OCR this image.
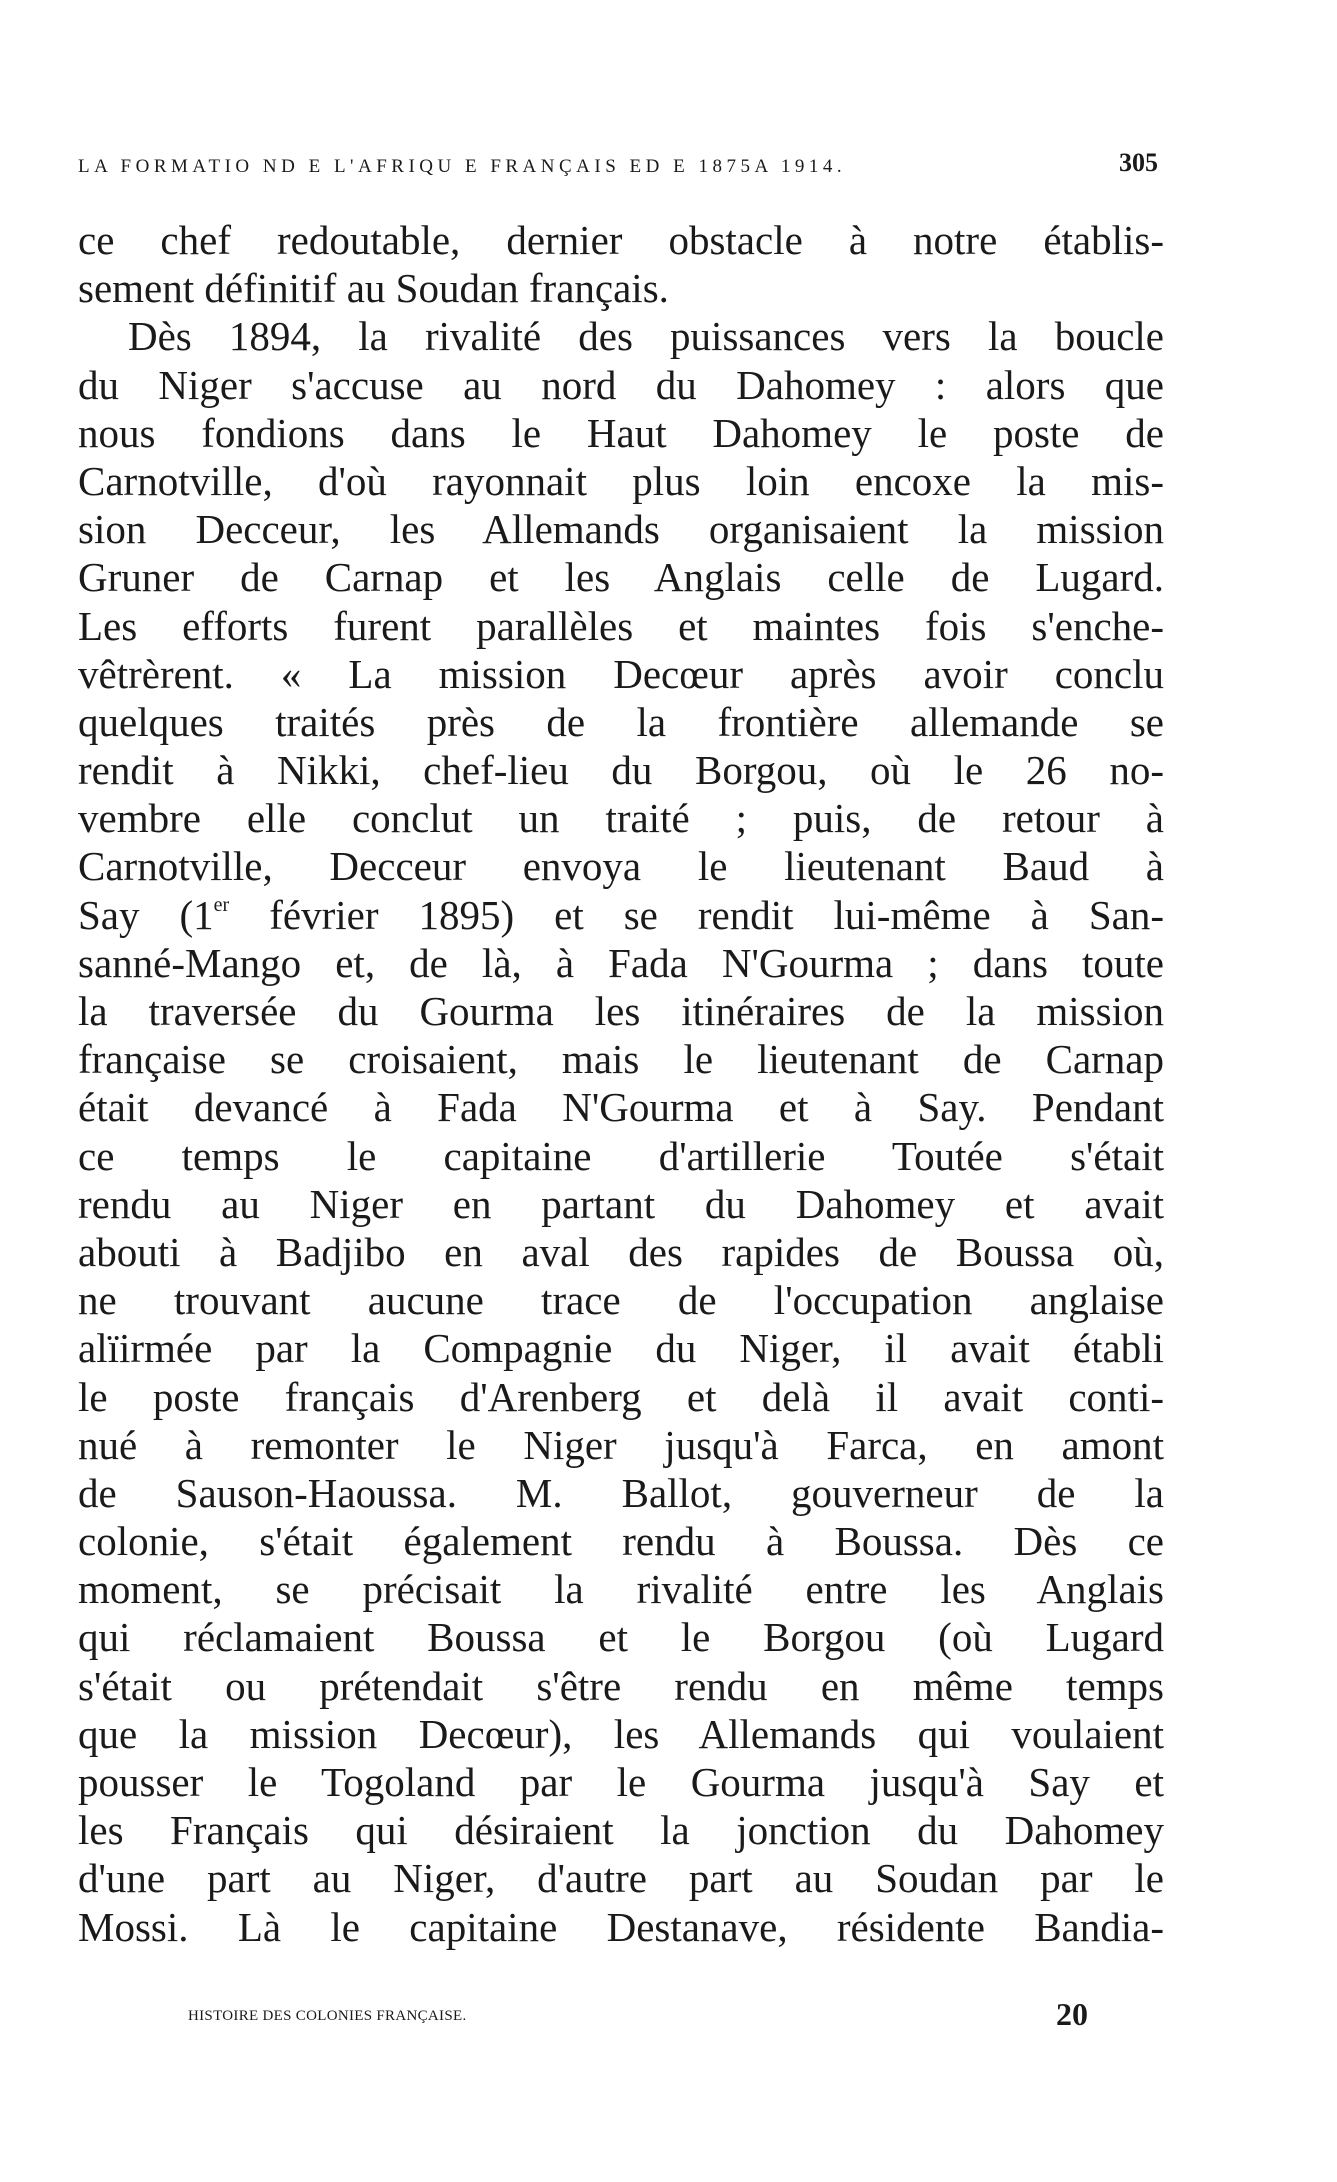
LA FORMATIO ND E L'AFRIQU E FRANÇAIS ED E 1875A 1914.	305
ce chef redoutable, dernier obstacle à notre établis-
sement définitif au Soudan français.
Dès 1894, la rivalité des puissances vers la boucle
du Niger s'accuse au nord du Dahomey : alors que
nous fondions dans le Haut Dahomey le poste de
Carnotville, d'où rayonnait plus loin encoxe la mis-
sion Decceur, les Allemands organisaient la mission
Gruner de Carnap et les Anglais celle de Lugard.
Les efforts furent parallèles et maintes fois s'enche-
vêtrèrent. « La mission Decœur après avoir conclu
quelques traités près de la frontière allemande se
rendit à Nikki, chef-lieu du Borgou, où le 26 no-
vembre elle conclut un traité ; puis, de retour à
Carnotville, Decceur envoya le lieutenant Baud à
Say (1er février 1895) et se rendit lui-même à San-
sanné-Mango et, de là, à Fada N'Gourma ; dans toute
la traversée du Gourma les itinéraires de la mission
française se croisaient, mais le lieutenant de Carnap
était devancé à Fada N'Gourma et à Say. Pendant
ce temps le capitaine d'artillerie Toutée s'était
rendu au Niger en partant du Dahomey et avait
abouti à Badjibo en aval des rapides de Boussa où,
ne trouvant aucune trace de l'occupation anglaise
alïirmée par la Compagnie du Niger, il avait établi
le poste français d'Arenberg et delà il avait conti-
nué à remonter le Niger jusqu'à Farca, en amont
de Sauson-Haoussa. M. Ballot, gouverneur de la
colonie, s'était également rendu à Boussa. Dès ce
moment, se précisait la rivalité entre les Anglais
qui réclamaient Boussa et le Borgou (où Lugard
s'était ou prétendait s'être rendu en même temps
que la mission Decœur), les Allemands qui voulaient
pousser le Togoland par le Gourma jusqu'à Say et
les Français qui désiraient la jonction du Dahomey
d'une part au Niger, d'autre part au Soudan par le
Mossi. Là le capitaine Destanave, résidente Bandia-
HISTOIRE DES COLONIES FRANÇAISE.	20
